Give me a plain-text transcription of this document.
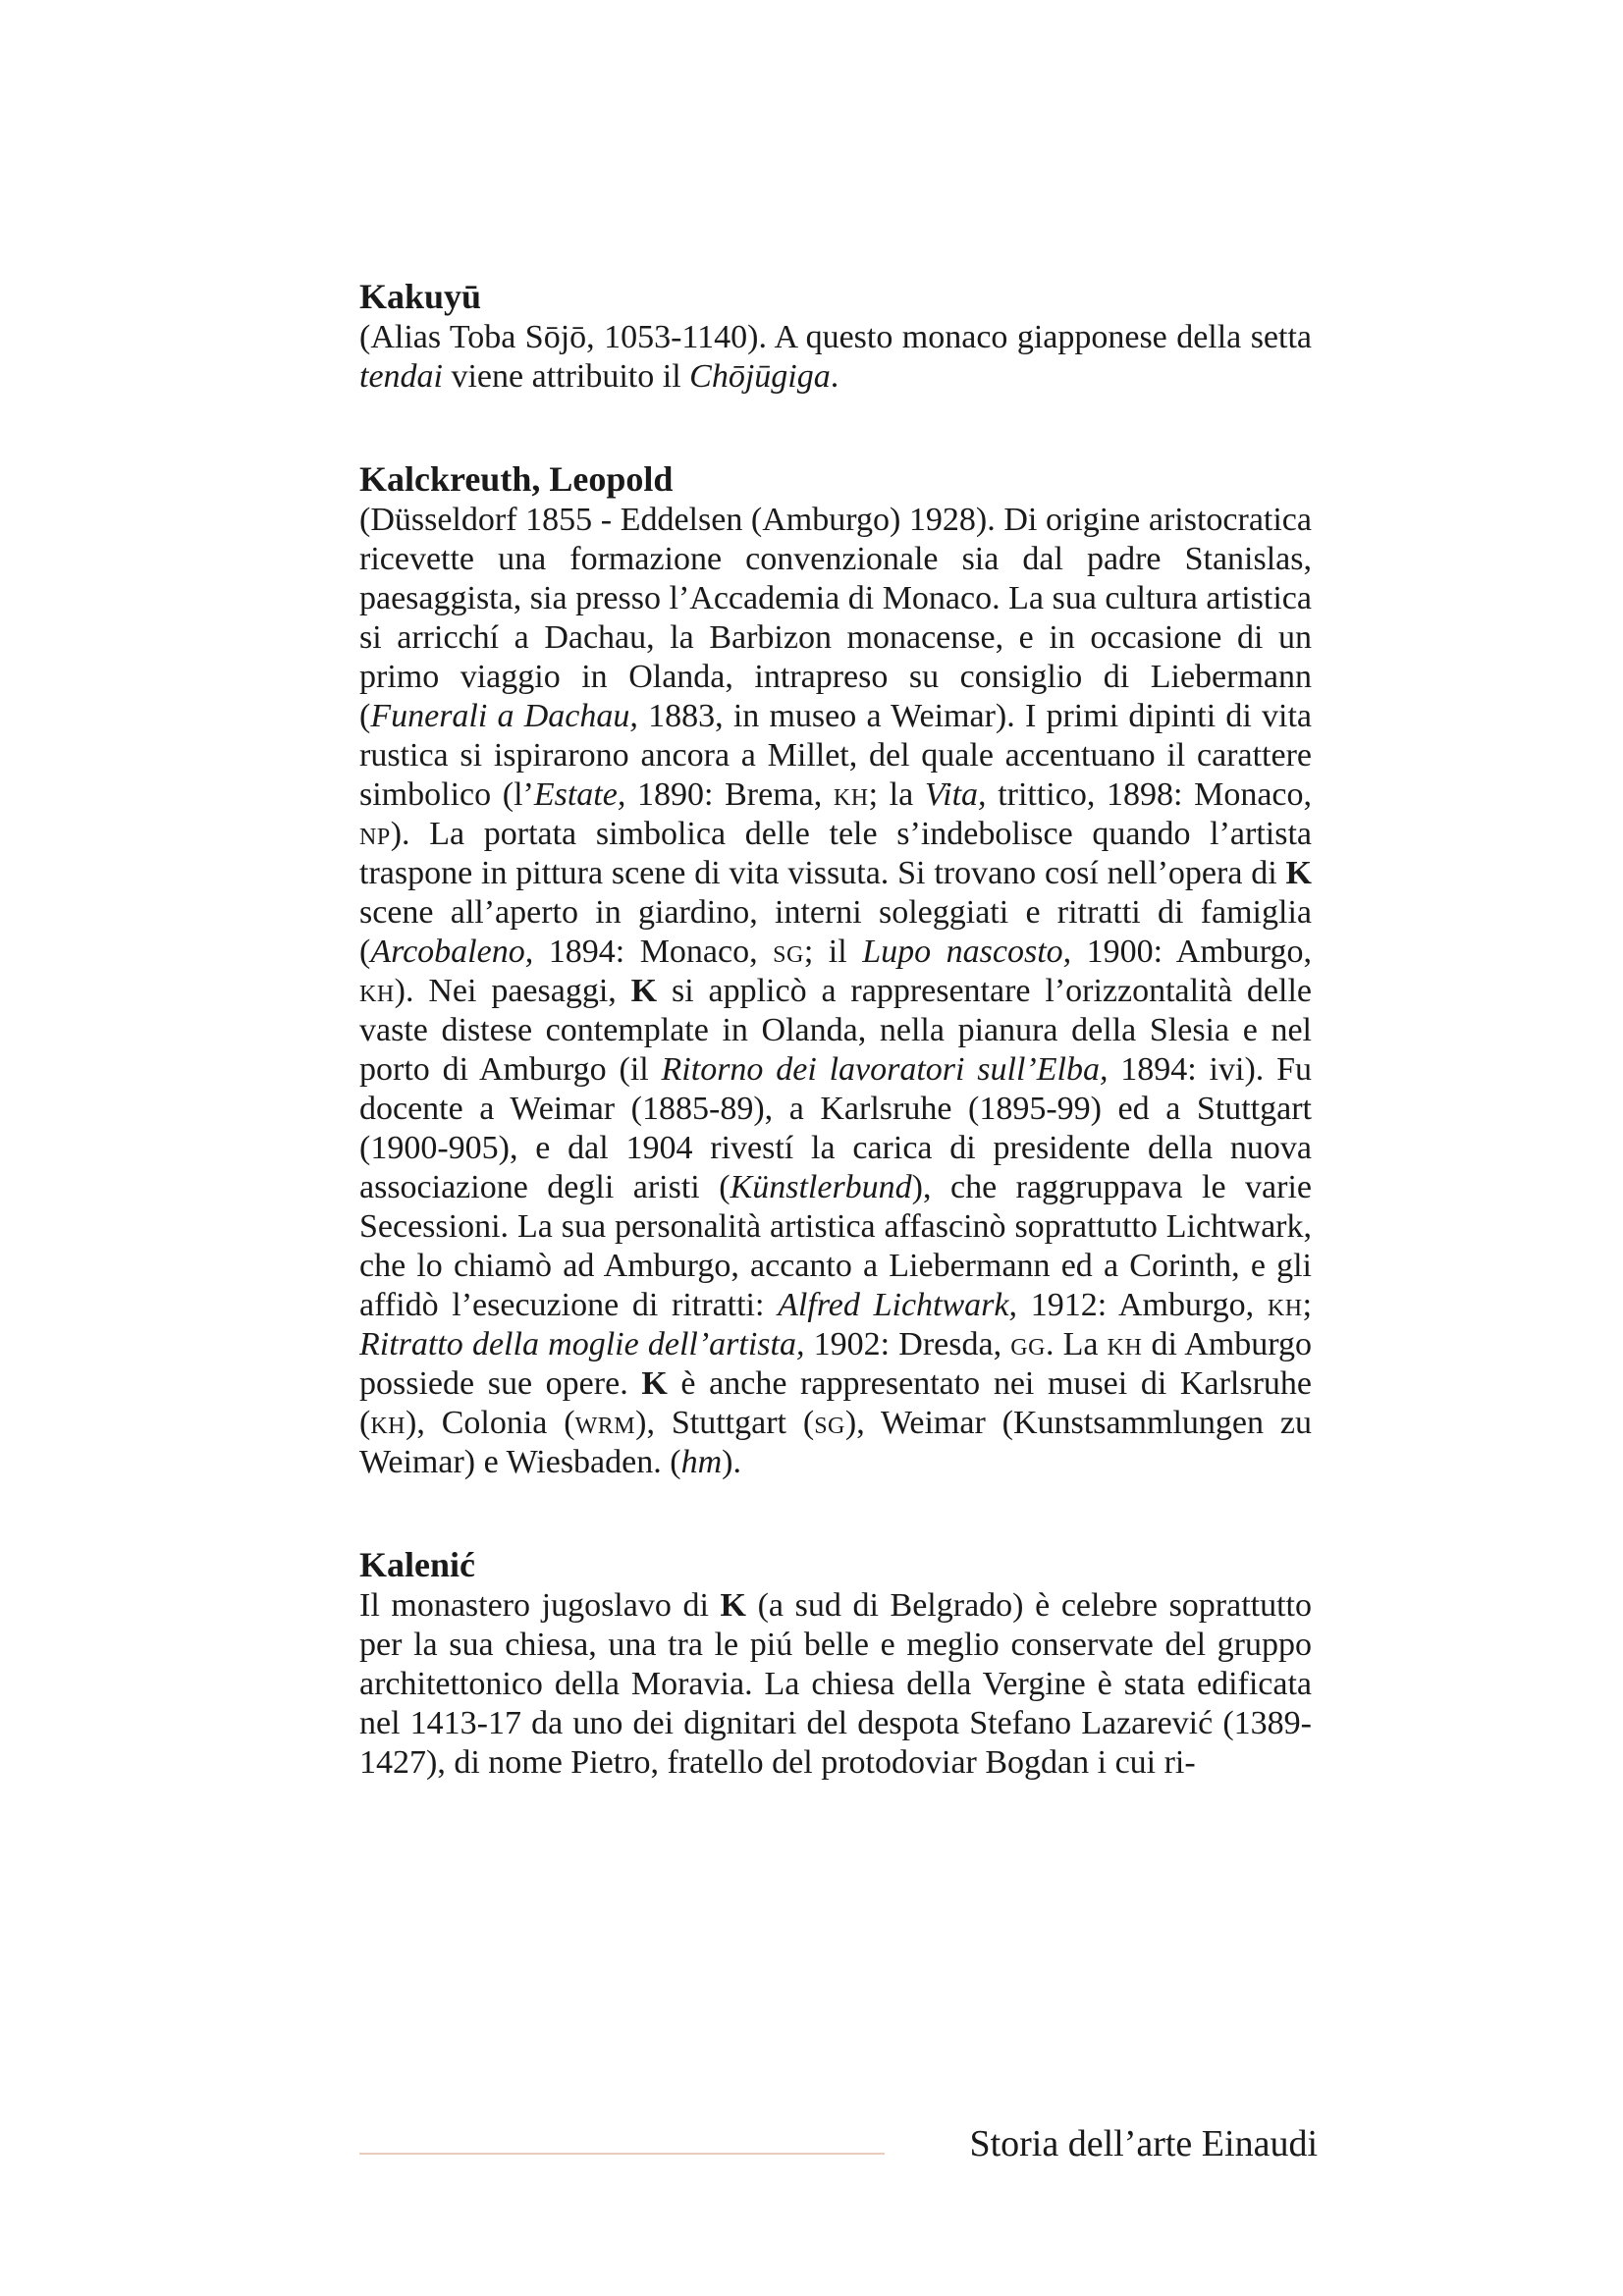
Kakuyū

(Alias Toba Sōjō, 1053-1140). A questo monaco giapponese della setta tendai viene attribuito il Chōjūgiga.

Kalckreuth, Leopold

(Düsseldorf 1855 - Eddelsen (Amburgo) 1928). Di origine aristocratica ricevette una formazione convenzionale sia dal padre Stanislas, paesaggista, sia presso l’Accademia di Monaco. La sua cultura artistica si arricchí a Dachau, la Barbizon monacense, e in occasione di un primo viaggio in Olanda, intrapreso su consiglio di Liebermann (Funerali a Dachau, 1883, in museo a Weimar). I primi dipinti di vita rustica si ispirarono ancora a Millet, del quale accentuano il carattere simbolico (l’Estate, 1890: Brema, kh; la Vita, trittico, 1898: Monaco, np). La portata simbolica delle tele s’indebolisce quando l’artista traspone in pittura scene di vita vissuta. Si trovano cosí nell’opera di K scene all’aperto in giardino, interni soleggiati e ritratti di famiglia (Arcobaleno, 1894: Monaco, sg; il Lupo nascosto, 1900: Amburgo, kh). Nei paesaggi, K si applicò a rappresentare l’orizzontalità delle vaste distese contemplate in Olanda, nella pianura della Slesia e nel porto di Amburgo (il Ritorno dei lavoratori sull’Elba, 1894: ivi). Fu docente a Weimar (1885-89), a Karlsruhe (1895-99) ed a Stuttgart (1900-905), e dal 1904 rivestí la carica di presidente della nuova associazione degli aristi (Künstlerbund), che raggruppava le varie Secessioni. La sua personalità artistica affascinò soprattutto Lichtwark, che lo chiamò ad Amburgo, accanto a Liebermann ed a Corinth, e gli affidò l’esecuzione di ritratti: Alfred Lichtwark, 1912: Amburgo, kh; Ritratto della moglie dell’artista, 1902: Dresda, gg. La kh di Amburgo possiede sue opere. K è anche rappresentato nei musei di Karlsruhe (kh), Colonia (wrm), Stuttgart (sg), Weimar (Kunstsammlungen zu Weimar) e Wiesbaden. (hm).

Kalenić

Il monastero jugoslavo di K (a sud di Belgrado) è celebre soprattutto per la sua chiesa, una tra le piú belle e meglio conservate del gruppo architettonico della Moravia. La chiesa della Vergine è stata edificata nel 1413-17 da uno dei dignitari del despota Stefano Lazarević (1389-1427), di nome Pietro, fratello del protodoviar Bogdan i cui ri-

Storia dell’arte Einaudi
